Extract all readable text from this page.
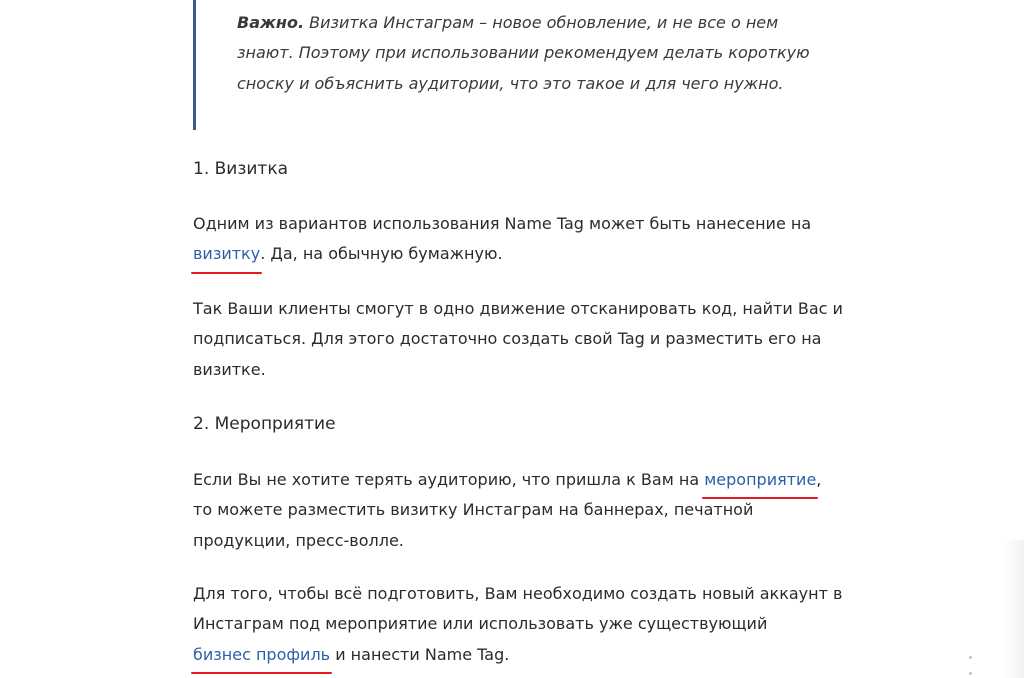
Важно. Визитка Инстаграм – новое обновление, и не все о нем знают. Поэтому при использовании рекомендуем делать короткую сноску и объяснить аудитории, что это такое и для чего нужно.

1. Визитка

Одним из вариантов использования Name Tag может быть нанесение на визитку. Да, на обычную бумажную.

Так Ваши клиенты смогут в одно движение отсканировать код, найти Вас и подписаться. Для этого достаточно создать свой Tag и разместить его на визитке.

2. Мероприятие

Если Вы не хотите терять аудиторию, что пришла к Вам на мероприятие, то можете разместить визитку Инстаграм на баннерах, печатной продукции, пресс-волле.

Для того, чтобы всё подготовить, Вам необходимо создать новый аккаунт в Инстаграм под мероприятие или использовать уже существующий бизнес профиль и нанести Name Tag.
